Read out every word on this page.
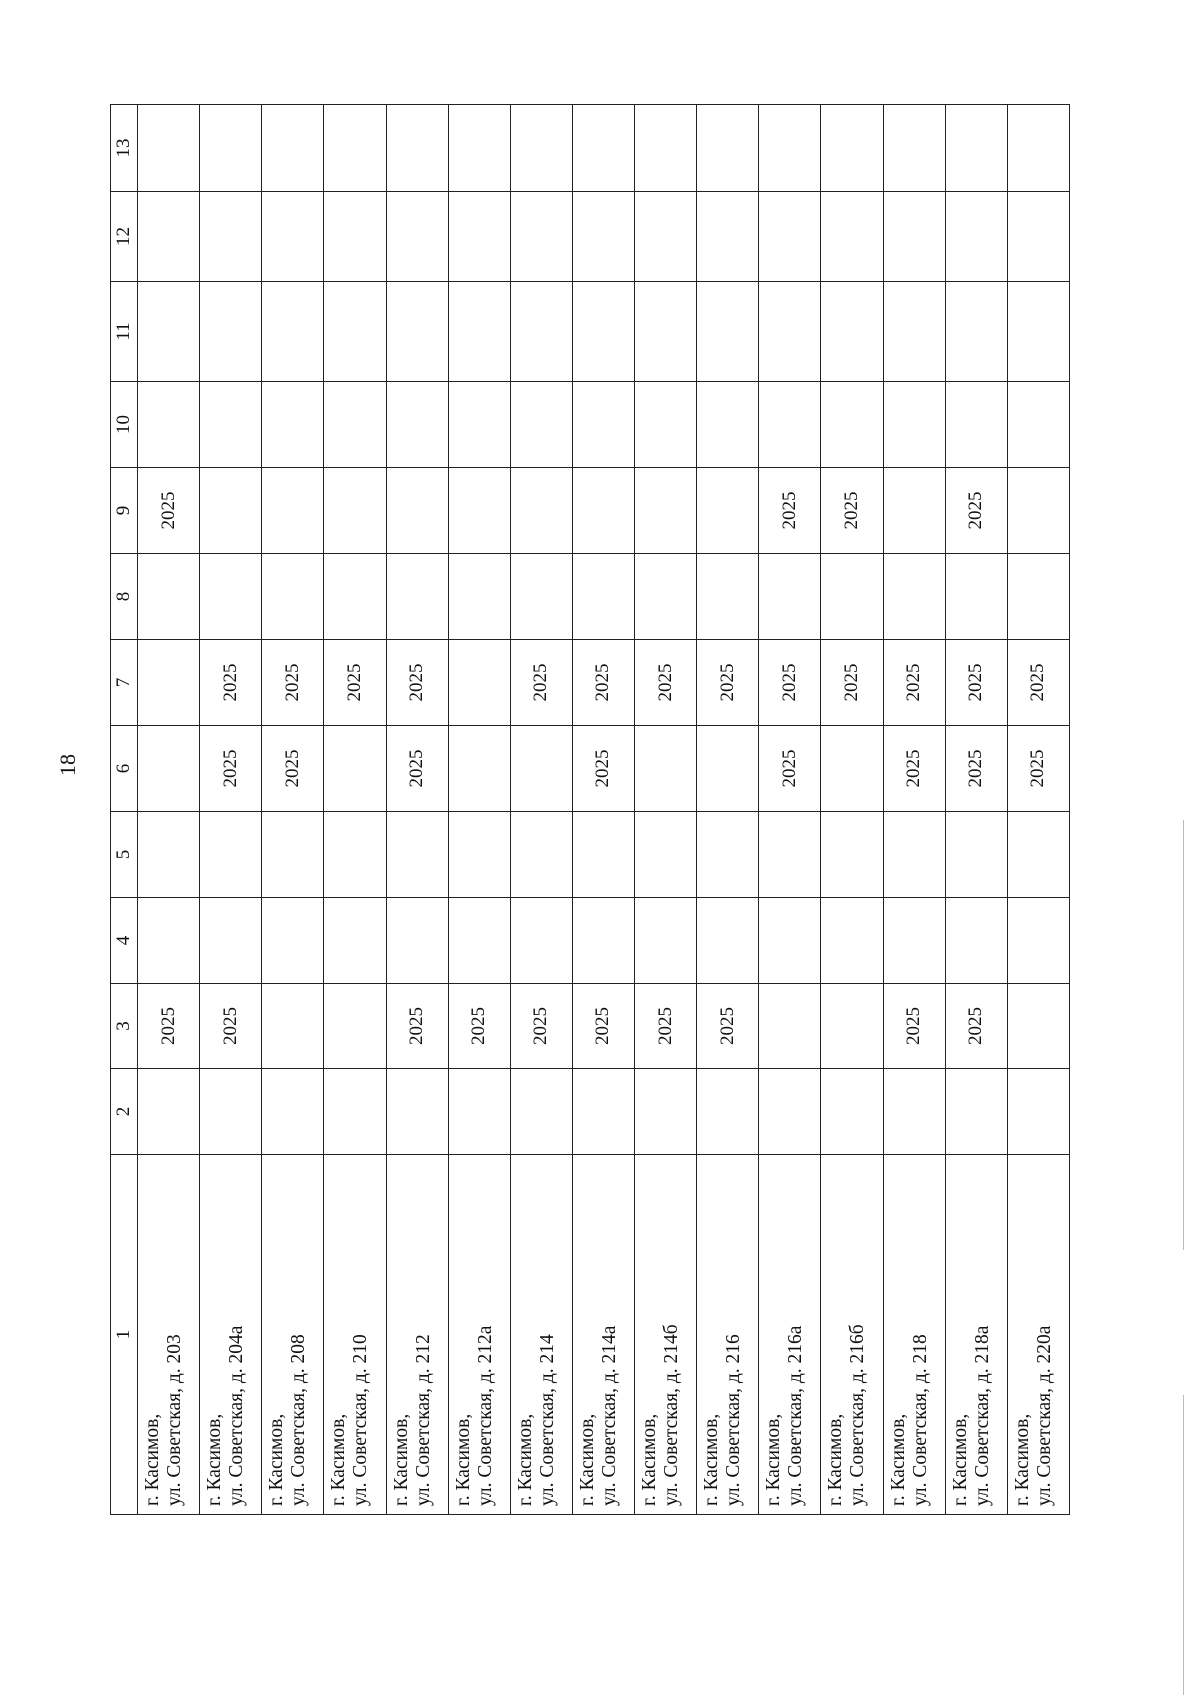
18
1	2	3	4	5	6	7	8	9	10	11	12	13

г. Касимов, ул. Советская, д. 203		2025						2025				

г. Касимов, ул. Советская, д. 204а		2025			2025	2025						

г. Касимов, ул. Советская, д. 208					2025	2025						

г. Касимов, ул. Советская, д. 210						2025						

г. Касимов, ул. Советская, д. 212		2025			2025	2025						

г. Касимов, ул. Советская, д. 212а		2025										

г. Касимов, ул. Советская, д. 214		2025				2025						

г. Касимов, ул. Советская, д. 214а		2025			2025	2025						

г. Касимов, ул. Советская, д. 214б		2025				2025						

г. Касимов, ул. Советская, д. 216		2025				2025						

г. Касимов, ул. Советская, д. 216а					2025	2025		2025				

г. Касимов, ул. Советская, д. 216б						2025		2025				

г. Касимов, ул. Советская, д. 218		2025			2025	2025						

г. Касимов, ул. Советская, д. 218а		2025			2025	2025		2025				

г. Касимов, ул. Советская, д. 220а					2025	2025						
